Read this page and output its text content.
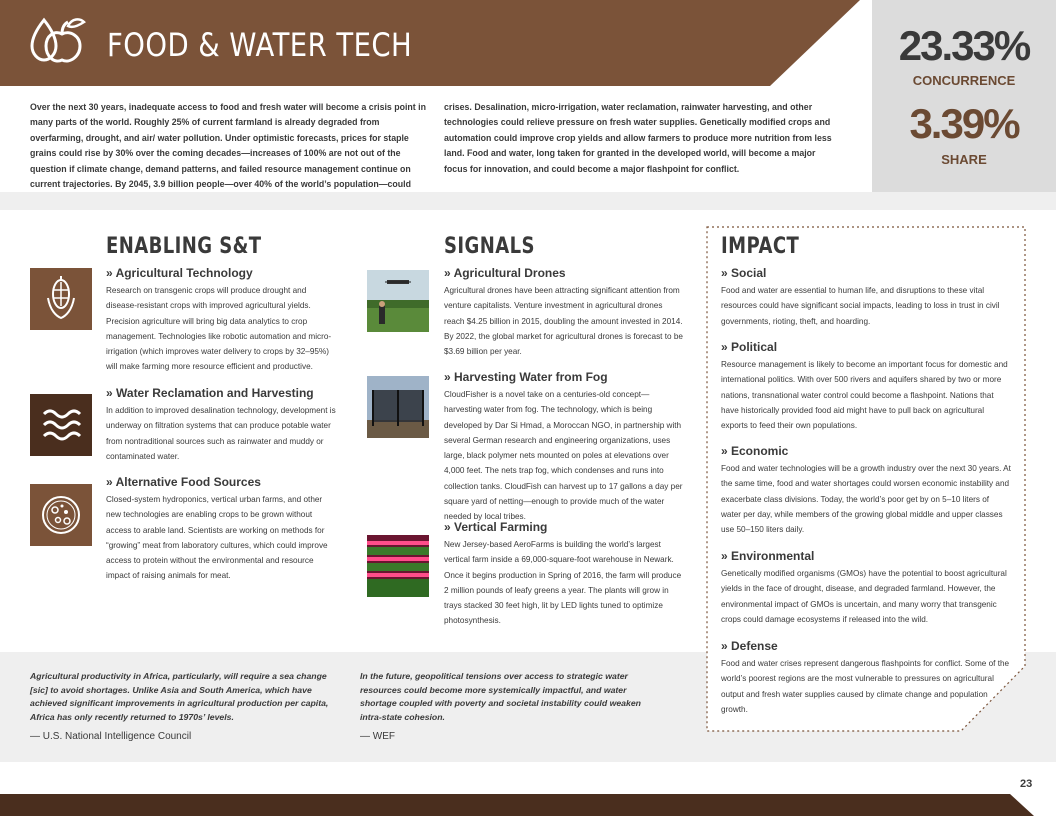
FOOD & WATER TECH	23.33%
CONCURRENCE
3.39%
SHARE

Over the next 30 years, inadequate access to food and fresh water will become a crisis point in many parts of the world. Roughly 25% of current farmland is already degraded from overfarming, drought, and air/ water pollution. Under optimistic forecasts, prices for staple grains could rise by 30% over the coming decades—increases of 100% are not out of the question if climate change, demand patterns, and failed resource management continue on current trajectories. By 2045, 3.9 billion people—over 40% of the world’s population—could

crises. Desalination, micro-irrigation, water reclamation, rainwater harvesting, and other technologies could relieve pressure on fresh water supplies. Genetically modified crops and automation could improve crop yields and allow farmers to produce more nutrition from less land. Food and water, long taken for granted in the developed world, will become a major focus for innovation, and could become a major flashpoint for conflict.

ENABLING S&T	SIGNALS
» Agricultural Technology

Research on transgenic crops will produce drought and disease-resistant crops with improved agricultural yields. Precision agriculture will bring big data analytics to crop management. Technologies like robotic automation and micro-irrigation (which improves water delivery to crops by 32–95%) will make farming more resource efficient and productive.

» Water Reclamation and Harvesting

In addition to improved desalination technology, development is underway on filtration systems that can produce potable water from nontraditional sources such as rainwater and muddy or contaminated water.

» Alternative Food Sources

Closed-system hydroponics, vertical urban farms, and other new technologies are enabling crops to be grown without access to arable land. Scientists are working on methods for “growing” meat from laboratory cultures, which could improve access to protein without the environmental and resource impact of raising animals for meat.

» Agricultural Drones

Agricultural drones have been attracting significant attention from venture capitalists. Venture investment in agricultural drones reach $4.25 billion in 2015, doubling the amount invested in 2014. By 2022, the global market for agricultural drones is forecast to be $3.69 billion per year.

» Harvesting Water from Fog

CloudFisher is a novel take on a centuries-old concept—harvesting water from fog. The technology, which is being developed by Dar Si Hmad, a Moroccan NGO, in partnership with several German research and engineering organizations, uses large, black polymer nets mounted on poles at elevations over 4,000 feet. The nets trap fog, which condenses and runs into collection tanks. CloudFish can harvest up to 17 gallons a day per square yard of netting—enough to provide much of the water needed by local tribes.

» Vertical Farming

New Jersey-based AeroFarms is building the world’s largest vertical farm inside a 69,000-square-foot warehouse in Newark. Once it begins production in Spring of 2016, the farm will produce 2 million pounds of leafy greens a year. The plants will grow in trays stacked 30 feet high, lit by LED lights tuned to optimize photosynthesis.

IMPACT
» Social

Food and water are essential to human life, and disruptions to these vital resources could have significant social impacts, leading to loss in trust in civil governments, rioting, theft, and hoarding.

» Political

Resource management is likely to become an important focus for domestic and international politics. With over 500 rivers and aquifers shared by two or more nations, transnational water control could become a flashpoint. Nations that have historically provided food aid might have to pull back on agricultural exports to feed their own populations.

» Economic

Food and water technologies will be a growth industry over the next 30 years. At the same time, food and water shortages could worsen economic instability and exacerbate class divisions. Today, the world’s poor get by on 5–10 liters of water per day, while members of the growing global middle and upper classes use 50–150 liters daily.

» Environmental

Genetically modified organisms (GMOs) have the potential to boost agricultural yields in the face of drought, disease, and degraded farmland. However, the environmental impact of GMOs is uncertain, and many worry that transgenic crops could damage ecosystems if released into the wild.

» Defense

Food and water crises represent dangerous flashpoints for conflict. Some of the world’s poorest regions are the most vulnerable to pressures on agricultural output and fresh water supplies caused by climate change and population growth.

Agricultural productivity in Africa, particularly, will require a sea change [sic] to avoid shortages. Unlike Asia and South America, which have achieved significant improvements in agricultural production per capita, Africa has only recently returned to 1970s’ levels.

In the future, geopolitical tensions over access to strategic water resources could become more systemically impactful, and water shortage coupled with poverty and societal instability could weaken intra-state cohesion.

— U.S. National Intelligence Council	— WEF
23
